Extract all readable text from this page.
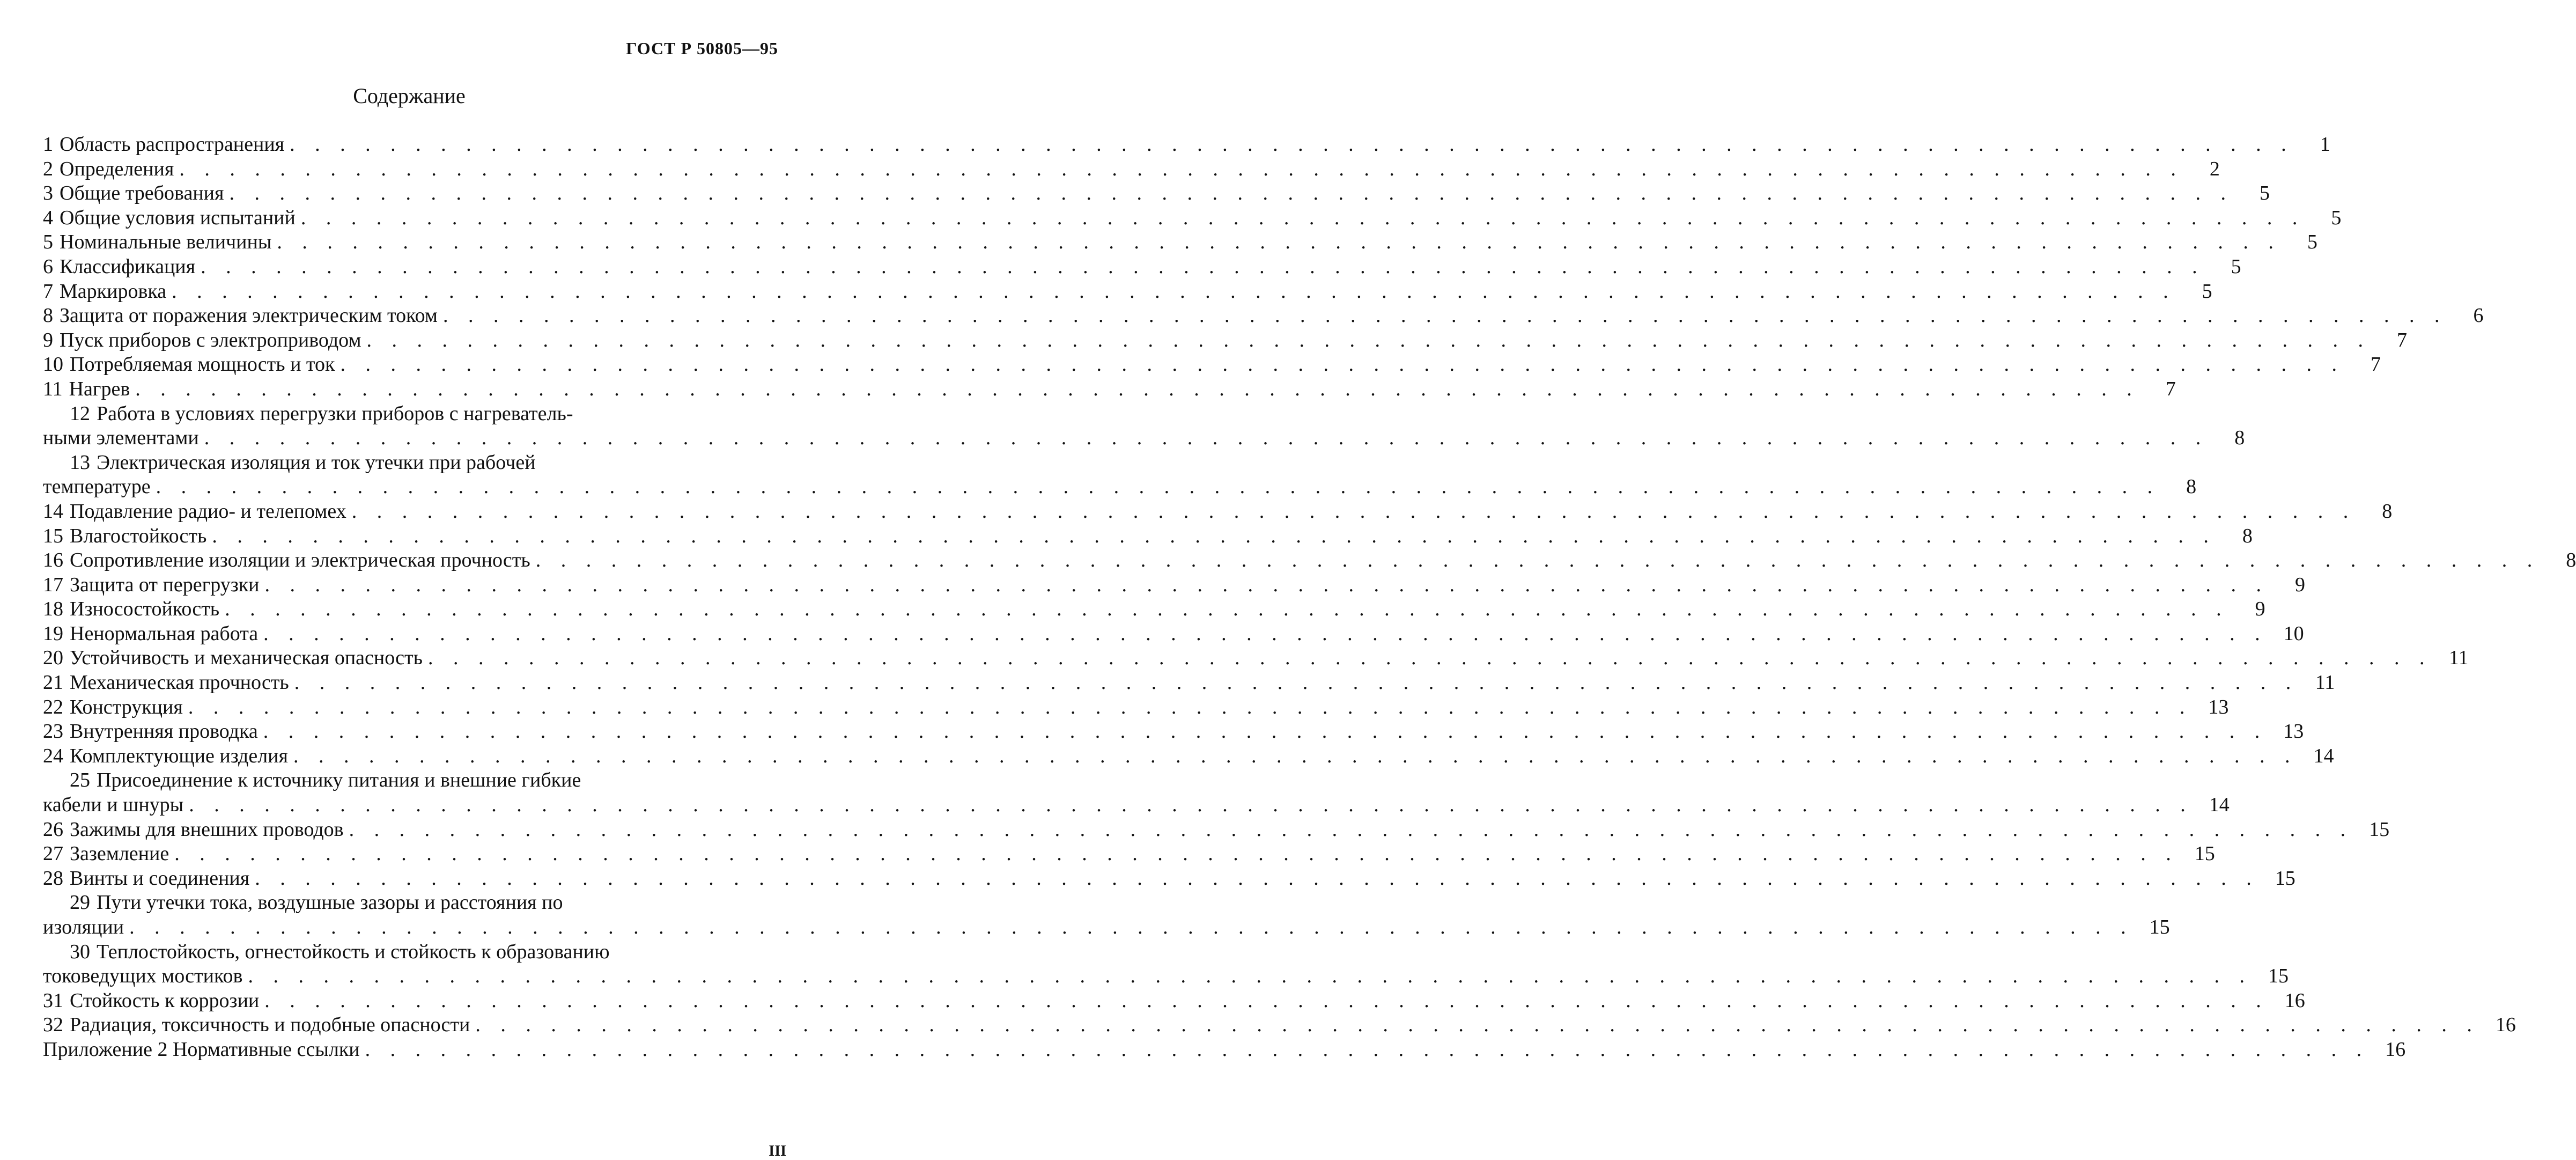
ГОСТ Р 50805—95
Содержание
1 Область распространения . . . . . . . . . . . . . . . . . . . . . . . . . . . . . . . . . . . . . . . . . . . . . . . . . . . . . . . . . . . . . . . . . . . . . . . . . . . . . . . .	1
2 Определения . . . . . . . . . . . . . . . . . . . . . . . . . . . . . . . . . . . . . . . . . . . . . . . . . . . . . . . . . . . . . . . . . . . . . . . . . . . . . . . .	2
3 Общие требования . . . . . . . . . . . . . . . . . . . . . . . . . . . . . . . . . . . . . . . . . . . . . . . . . . . . . . . . . . . . . . . . . . . . . . . . . . . . . . . .	5
4 Общие условия испытаний . . . . . . . . . . . . . . . . . . . . . . . . . . . . . . . . . . . . . . . . . . . . . . . . . . . . . . . . . . . . . . . . . . . . . . . . . . . . . . . .	5
5 Номинальные величины . . . . . . . . . . . . . . . . . . . . . . . . . . . . . . . . . . . . . . . . . . . . . . . . . . . . . . . . . . . . . . . . . . . . . . . . . . . . . . . .	5
6 Классификация . . . . . . . . . . . . . . . . . . . . . . . . . . . . . . . . . . . . . . . . . . . . . . . . . . . . . . . . . . . . . . . . . . . . . . . . . . . . . . . .	5
7 Маркировка . . . . . . . . . . . . . . . . . . . . . . . . . . . . . . . . . . . . . . . . . . . . . . . . . . . . . . . . . . . . . . . . . . . . . . . . . . . . . . . .	5
8 Защита от поражения электрическим током . . . . . . . . . . . . . . . . . . . . . . . . . . . . . . . . . . . . . . . . . . . . . . . . . . . . . . . . . . . . . . . . . . . . . . . . . . . . . . . .	6
9 Пуск приборов с электроприводом . . . . . . . . . . . . . . . . . . . . . . . . . . . . . . . . . . . . . . . . . . . . . . . . . . . . . . . . . . . . . . . . . . . . . . . . . . . . . . . .	7
10 Потребляемая мощность и ток . . . . . . . . . . . . . . . . . . . . . . . . . . . . . . . . . . . . . . . . . . . . . . . . . . . . . . . . . . . . . . . . . . . . . . . . . . . . . . . .	7
11 Нагрев . . . . . . . . . . . . . . . . . . . . . . . . . . . . . . . . . . . . . . . . . . . . . . . . . . . . . . . . . . . . . . . . . . . . . . . . . . . . . . . .	7
12 Работа в условиях перегрузки приборов с нагреватель-
ными элементами . . . . . . . . . . . . . . . . . . . . . . . . . . . . . . . . . . . . . . . . . . . . . . . . . . . . . . . . . . . . . . . . . . . . . . . . . . . . . . . .	8
13 Электрическая изоляция и ток утечки при рабочей
температуре . . . . . . . . . . . . . . . . . . . . . . . . . . . . . . . . . . . . . . . . . . . . . . . . . . . . . . . . . . . . . . . . . . . . . . . . . . . . . . . .	8
14 Подавление радио- и телепомех . . . . . . . . . . . . . . . . . . . . . . . . . . . . . . . . . . . . . . . . . . . . . . . . . . . . . . . . . . . . . . . . . . . . . . . . . . . . . . . .	8
15 Влагостойкость . . . . . . . . . . . . . . . . . . . . . . . . . . . . . . . . . . . . . . . . . . . . . . . . . . . . . . . . . . . . . . . . . . . . . . . . . . . . . . . .	8
16 Сопротивление изоляции и электрическая прочность . . . . . . . . . . . . . . . . . . . . . . . . . . . . . . . . . . . . . . . . . . . . . . . . . . . . . . . . . . . . . . . . . . . . . . . . . . . . . . . .	8
17 Защита от перегрузки . . . . . . . . . . . . . . . . . . . . . . . . . . . . . . . . . . . . . . . . . . . . . . . . . . . . . . . . . . . . . . . . . . . . . . . . . . . . . . . .	9
18 Износостойкость . . . . . . . . . . . . . . . . . . . . . . . . . . . . . . . . . . . . . . . . . . . . . . . . . . . . . . . . . . . . . . . . . . . . . . . . . . . . . . . .	9
19 Ненормальная работа . . . . . . . . . . . . . . . . . . . . . . . . . . . . . . . . . . . . . . . . . . . . . . . . . . . . . . . . . . . . . . . . . . . . . . . . . . . . . . . . 10
20 Устойчивость и механическая опасность . . . . . . . . . . . . . . . . . . . . . . . . . . . . . . . . . . . . . . . . . . . . . . . . . . . . . . . . . . . . . . . . . . . . . . . . . . . . . . . . 11
21 Механическая прочность . . . . . . . . . . . . . . . . . . . . . . . . . . . . . . . . . . . . . . . . . . . . . . . . . . . . . . . . . . . . . . . . . . . . . . . . . . . . . . . . 11
22 Конструкция . . . . . . . . . . . . . . . . . . . . . . . . . . . . . . . . . . . . . . . . . . . . . . . . . . . . . . . . . . . . . . . . . . . . . . . . . . . . . . . . 13
23 Внутренняя проводка . . . . . . . . . . . . . . . . . . . . . . . . . . . . . . . . . . . . . . . . . . . . . . . . . . . . . . . . . . . . . . . . . . . . . . . . . . . . . . . . 13
24 Комплектующие изделия . . . . . . . . . . . . . . . . . . . . . . . . . . . . . . . . . . . . . . . . . . . . . . . . . . . . . . . . . . . . . . . . . . . . . . . . . . . . . . . . 14
25 Присоединение к источнику питания и внешние гибкие
кабели и шнуры . . . . . . . . . . . . . . . . . . . . . . . . . . . . . . . . . . . . . . . . . . . . . . . . . . . . . . . . . . . . . . . . . . . . . . . . . . . . . . . . 14
26 Зажимы для внешних проводов . . . . . . . . . . . . . . . . . . . . . . . . . . . . . . . . . . . . . . . . . . . . . . . . . . . . . . . . . . . . . . . . . . . . . . . . . . . . . . . . 15
27 Заземление . . . . . . . . . . . . . . . . . . . . . . . . . . . . . . . . . . . . . . . . . . . . . . . . . . . . . . . . . . . . . . . . . . . . . . . . . . . . . . . . 15
28 Винты и соединения . . . . . . . . . . . . . . . . . . . . . . . . . . . . . . . . . . . . . . . . . . . . . . . . . . . . . . . . . . . . . . . . . . . . . . . . . . . . . . . . 15
29 Пути утечки тока, воздушные зазоры и расстояния по
изоляции . . . . . . . . . . . . . . . . . . . . . . . . . . . . . . . . . . . . . . . . . . . . . . . . . . . . . . . . . . . . . . . . . . . . . . . . . . . . . . . . 15
30 Теплостойкость, огнестойкость и стойкость к образованию
токоведущих мостиков . . . . . . . . . . . . . . . . . . . . . . . . . . . . . . . . . . . . . . . . . . . . . . . . . . . . . . . . . . . . . . . . . . . . . . . . . . . . . . . . 15
31 Стойкость к коррозии . . . . . . . . . . . . . . . . . . . . . . . . . . . . . . . . . . . . . . . . . . . . . . . . . . . . . . . . . . . . . . . . . . . . . . . . . . . . . . . . 16
32 Радиация, токсичность и подобные опасности . . . . . . . . . . . . . . . . . . . . . . . . . . . . . . . . . . . . . . . . . . . . . . . . . . . . . . . . . . . . . . . . . . . . . . . . . . . . . . . . 16
Приложение 2 Нормативные ссылки . . . . . . . . . . . . . . . . . . . . . . . . . . . . . . . . . . . . . . . . . . . . . . . . . . . . . . . . . . . . . . . . . . . . . . . . . . . . . . . . 16
III
